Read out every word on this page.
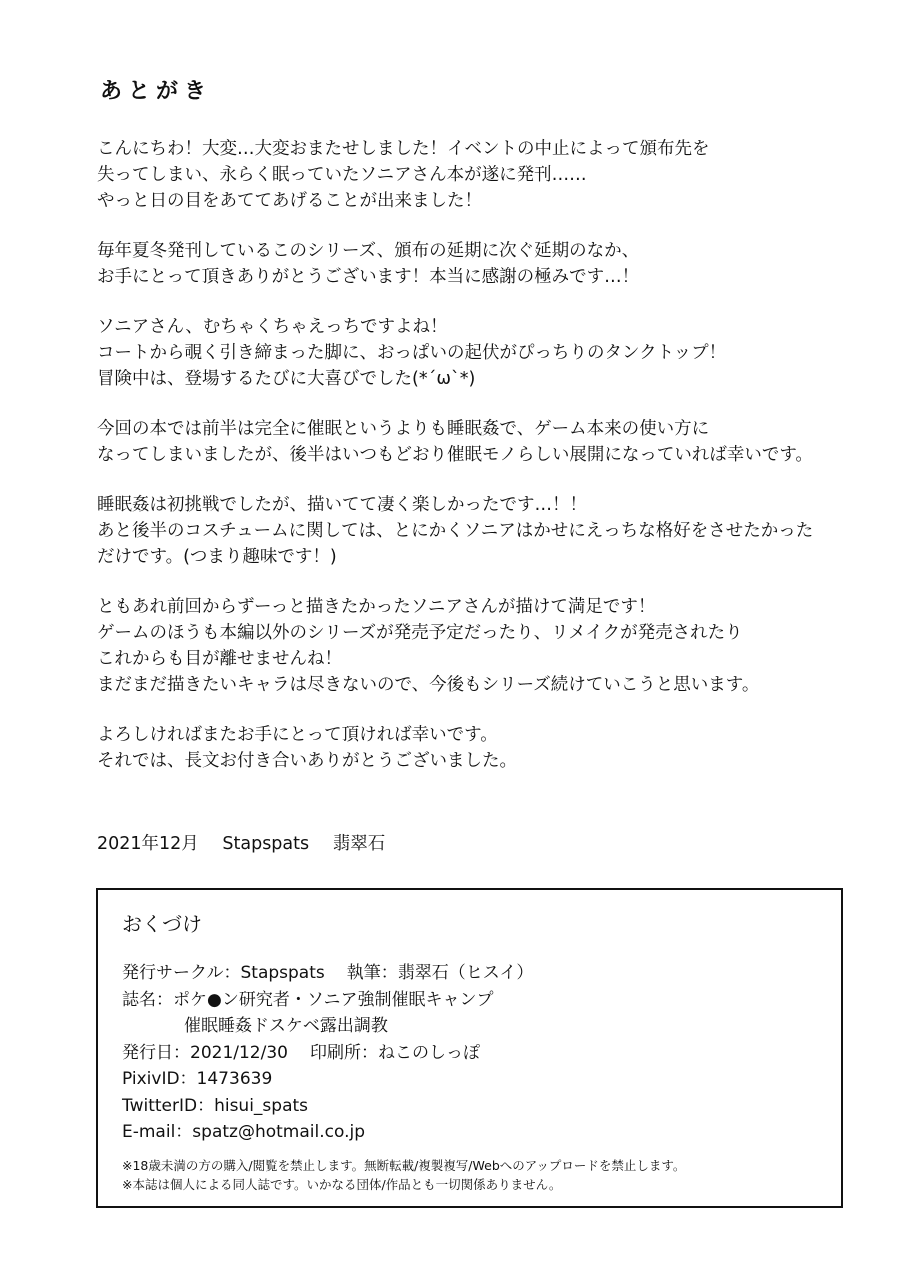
あとがき

こんにちわ！大変…大変おまたせしました！イベントの中止によって頒布先を
失ってしまい、永らく眠っていたソニアさん本が遂に発刊……
やっと日の目をあててあげることが出来ました！

毎年夏冬発刊しているこのシリーズ、頒布の延期に次ぐ延期のなか、
お手にとって頂きありがとうございます！本当に感謝の極みです…！

ソニアさん、むちゃくちゃえっちですよね！
コートから覗く引き締まった脚に、おっぱいの起伏がぴっちりのタンクトップ！
冒険中は、登場するたびに大喜びでした(*´ω`*)

今回の本では前半は完全に催眠というよりも睡眠姦で、ゲーム本来の使い方に
なってしまいましたが、後半はいつもどおり催眠モノらしい展開になっていれば幸いです。

睡眠姦は初挑戦でしたが、描いてて凄く楽しかったです…！！
あと後半のコスチュームに関しては、とにかくソニアはかせにえっちな格好をさせたかった
だけです。(つまり趣味です！)

ともあれ前回からずーっと描きたかったソニアさんが描けて満足です！
ゲームのほうも本編以外のシリーズが発売予定だったり、リメイクが発売されたり
これからも目が離せませんね！
まだまだ描きたいキャラは尽きないので、今後もシリーズ続けていこうと思います。

よろしければまたお手にとって頂ければ幸いです。
それでは、長文お付き合いありがとうございました。

2021年12月 Stapspats 翡翠石
おくづけ
発行サークル：Stapspats 執筆：翡翠石（ヒスイ）
誌名：ポケ●ン研究者・ソニア強制催眠キャンプ
催眠睡姦ドスケベ露出調教
発行日：2021/12/30 印刷所：ねこのしっぽ
PixivID：1473639
TwitterID：hisui_spats
E-mail：spatz@hotmail.co.jp
※18歳未満の方の購入/閲覧を禁止します。無断転載/複製複写/Webへのアップロードを禁止します。
※本誌は個人による同人誌です。いかなる団体/作品とも一切関係ありません。
